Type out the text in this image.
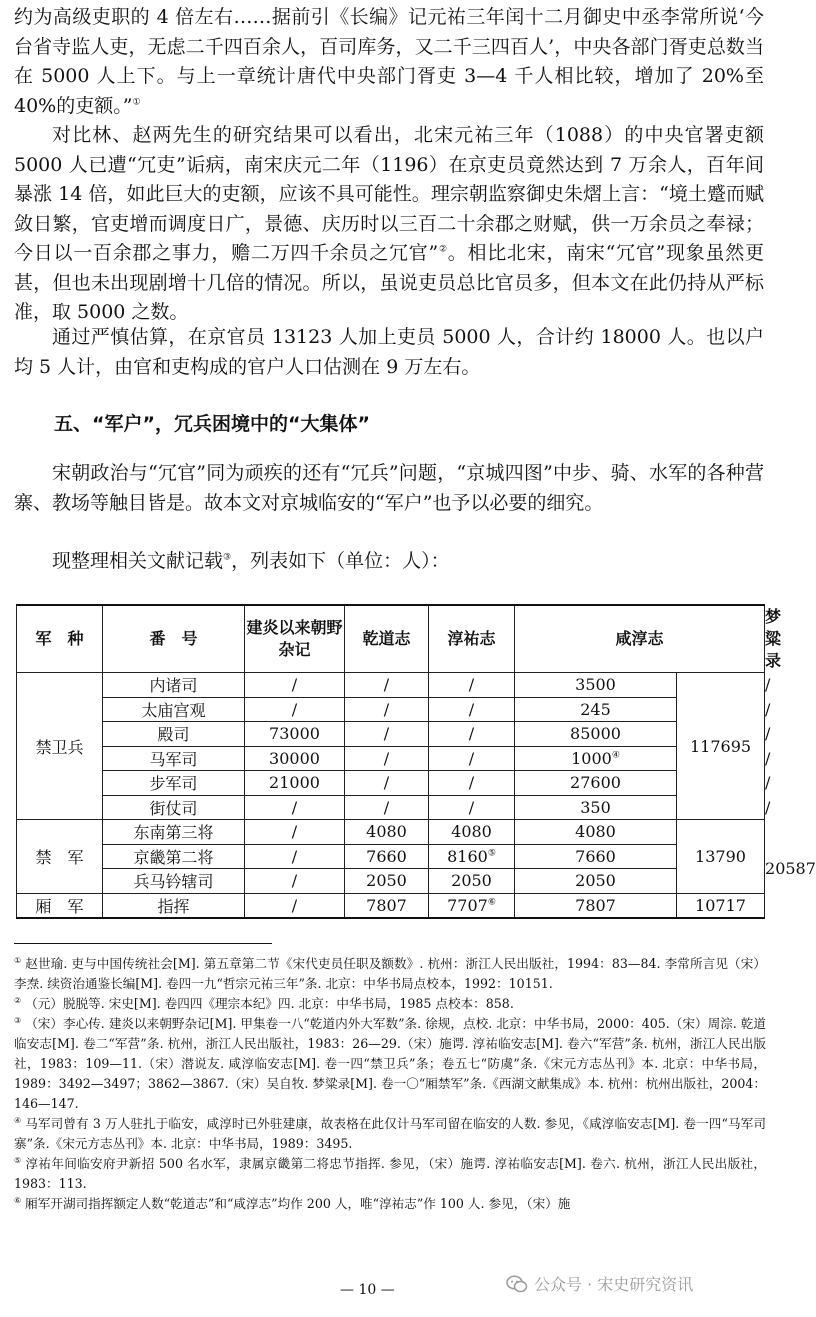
约为高级吏职的 4 倍左右……据前引《长编》记元祐三年闰十二月御史中丞李常所说‘今台省寺监人吏，无虑二千四百余人，百司库务，又二千三四百人’，中央各部门胥吏总数当在 5000 人上下。与上一章统计唐代中央部门胥吏 3—4 千人相比较，增加了 20%至 40%的吏额。”①

对比林、赵两先生的研究结果可以看出，北宋元祐三年（1088）的中央官署吏额 5000 人已遭“冗吏”诟病，南宋庆元二年（1196）在京吏员竟然达到 7 万余人，百年间暴涨 14 倍，如此巨大的吏额，应该不具可能性。理宗朝监察御史朱熠上言：“境土蹙而赋敛日繁，官吏增而调度日广，景德、庆历时以三百二十余郡之财赋，供一万余员之奉禄；今日以一百余郡之事力，赡二万四千余员之冗官”②。相比北宋，南宋“冗官”现象虽然更甚，但也未出现剧增十几倍的情况。所以，虽说吏员总比官员多，但本文在此仍持从严标准，取 5000 之数。

通过严慎估算，在京官员 13123 人加上吏员 5000 人，合计约 18000 人。也以户均 5 人计，由官和吏构成的官户人口估测在 9 万左右。

五、“军户”，冗兵困境中的“大集体”

宋朝政治与“冗官”同为顽疾的还有“冗兵”问题，“京城四图”中步、骑、水军的各种营寨、教场等触目皆是。故本文对京城临安的“军户”也予以必要的细究。

现整理相关文献记载③，列表如下（单位：人）：

军　种	番　号	建炎以来朝野杂记	乾道志	淳祐志	咸淳志		梦粱录
禁卫兵	内诸司	/	/	/	3500	117695	/
	太庙宫观	/	/	/	245		/
	殿司	73000	/	/	85000		/
	马军司	30000	/	/	1000④		/
	步军司	21000	/	/	27600		/
	街仗司	/	/	/	350		/
禁　军	东南第三将	/	4080	4080	4080	13790	20587
	京畿第二将	/	7660	8160⑤	7660		
	兵马钤辖司	/	2050	2050	2050		
厢　军	指挥	/	7807	7707⑥	7807	10717	

① 赵世瑜. 吏与中国传统社会[M]. 第五章第二节《宋代吏员任职及额数》. 杭州：浙江人民出版社，1994：83—84. 李常所言见（宋）李焘. 续资治通鉴长编[M]. 卷四一九“哲宗元祐三年”条. 北京：中华书局点校本，1992：10151.

② （元）脱脱等. 宋史[M]. 卷四四《理宗本纪》四. 北京：中华书局，1985 点校本：858.

③ （宋）李心传. 建炎以来朝野杂记[M]. 甲集卷一八“乾道内外大军数”条. 徐规，点校. 北京：中华书局，2000：405.（宋）周淙. 乾道临安志[M]. 卷二“军营”条. 杭州，浙江人民出版社，1983：26—29.（宋）施谔. 淳祐临安志[M]. 卷六“军营”条. 杭州，浙江人民出版社，1983：109—11.（宋）潜说友. 咸淳临安志[M]. 卷一四“禁卫兵”条；卷五七“防虞”条.《宋元方志丛刊》本. 北京：中华书局，1989：3492—3497；3862—3867.（宋）吴自牧. 梦粱录[M]. 卷一〇“厢禁军”条.《西湖文献集成》本. 杭州：杭州出版社，2004：146—147.

④ 马军司曾有 3 万人驻扎于临安，咸淳时已外驻建康，故表格在此仅计马军司留在临安的人数. 参见，《咸淳临安志[M]. 卷一四“马军司寨”条.《宋元方志丛刊》本. 北京：中华书局，1989：3495.

⑤ 淳祐年间临安府尹新招 500 名水军，隶属京畿第二将忠节指挥. 参见，（宋）施谔. 淳祐临安志[M]. 卷六. 杭州，浙江人民出版社，1983：113.

⑥ 厢军开湖司指挥额定人数“乾道志”和“咸淳志”均作 200 人，唯“淳祐志”作 100 人. 参见，（宋）施

— 10 —	公众号 · 宋史研究资讯
